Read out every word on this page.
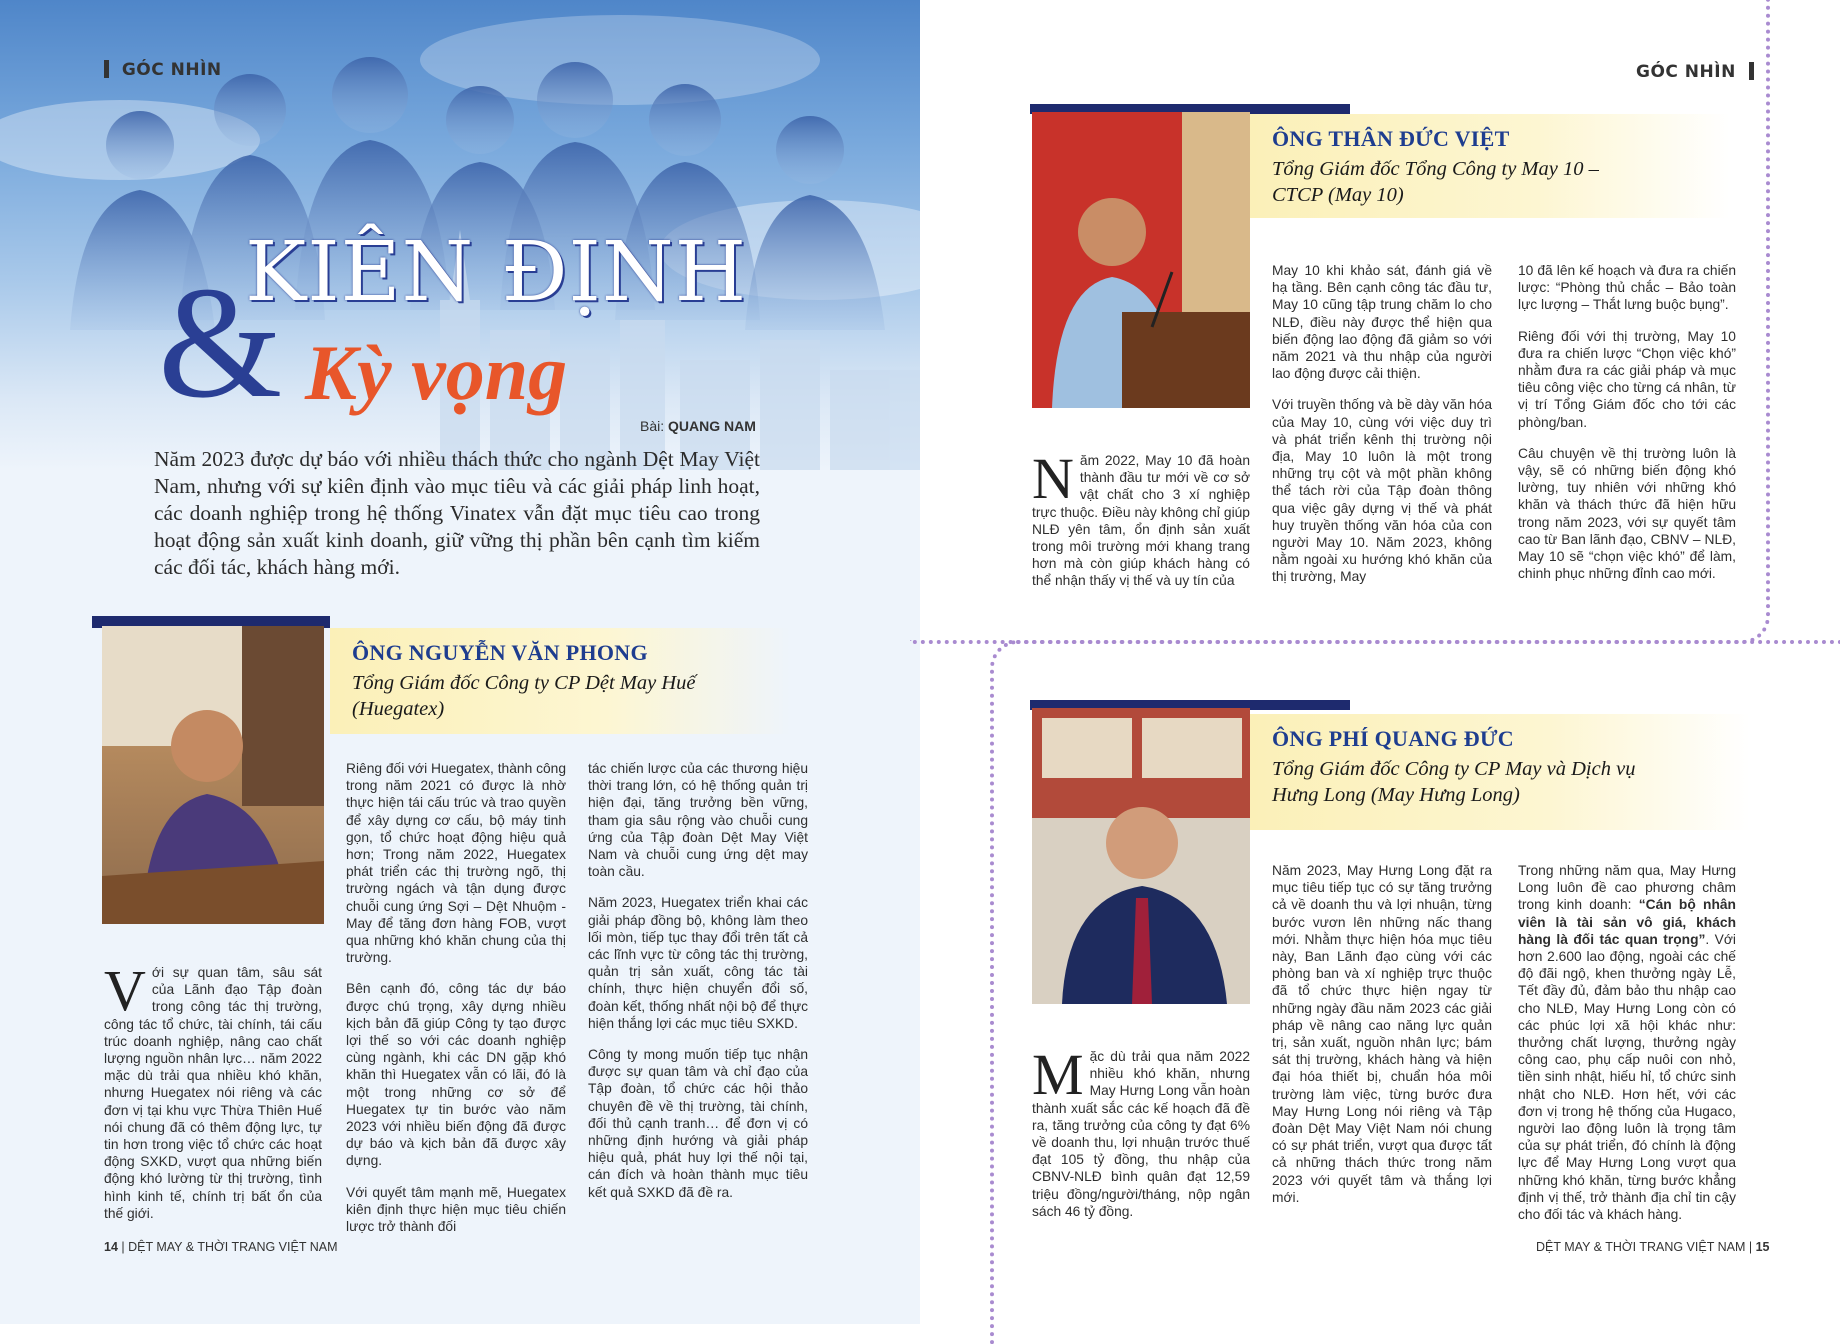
GÓC NHÌN
&
KIÊN ĐỊNH
Kỳ vọng
Bài: QUANG NAM
Năm 2023 được dự báo với nhiều thách thức cho ngành Dệt May Việt Nam, nhưng với sự kiên định vào mục tiêu và các giải pháp linh hoạt, các doanh nghiệp trong hệ thống Vinatex vẫn đặt mục tiêu cao trong hoạt động sản xuất kinh doanh, giữ vững thị phần bên cạnh tìm kiếm các đối tác, khách hàng mới.
ÔNG NGUYỄN VĂN PHONG
Tổng Giám đốc Công ty CP Dệt May Huế
(Huegatex)

Với sự quan tâm, sâu sát của Lãnh đạo Tập đoàn trong công tác thị trường, công tác tổ chức, tài chính, tái cấu trúc doanh nghiệp, nâng cao chất lượng nguồn nhân lực… năm 2022 mặc dù trải qua nhiều khó khăn, nhưng Huegatex nói riêng và các đơn vị tại khu vực Thừa Thiên Huế nói chung đã có thêm động lực, tự tin hơn trong việc tổ chức các hoạt động SXKD, vượt qua những biến động khó lường từ thị trường, tình hình kinh tế, chính trị bất ổn của thế giới.

Riêng đối với Huegatex, thành công trong năm 2021 có được là nhờ thực hiện tái cấu trúc và trao quyền để xây dựng cơ cấu, bộ máy tinh gọn, tổ chức hoạt động hiệu quả hơn; Trong năm 2022, Huegatex phát triển các thị trường ngõ, thị trường ngách và tận dụng được chuỗi cung ứng Sợi – Dệt Nhuộm - May để tăng đơn hàng FOB, vượt qua những khó khăn chung của thị trường.

Bên cạnh đó, công tác dự báo được chú trọng, xây dựng nhiều kịch bản đã giúp Công ty tạo được lợi thế so với các doanh nghiệp cùng ngành, khi các DN gặp khó khăn thì Huegatex vẫn có lãi, đó là một trong những cơ sở để Huegatex tự tin bước vào năm 2023 với nhiều biến động đã được dự báo và kịch bản đã được xây dựng.

Với quyết tâm mạnh mẽ, Huegatex kiên định thực hiện mục tiêu chiến lược trở thành đối

tác chiến lược của các thương hiệu thời trang lớn, có hệ thống quản trị hiện đại, tăng trưởng bền vững, tham gia sâu rộng vào chuỗi cung ứng của Tập đoàn Dệt May Việt Nam và chuỗi cung ứng dệt may toàn cầu.

Năm 2023, Huegatex triển khai các giải pháp đồng bộ, không làm theo lối mòn, tiếp tục thay đổi trên tất cả các lĩnh vực từ công tác thị trường, quản trị sản xuất, công tác tài chính, thực hiện chuyển đổi số, đoàn kết, thống nhất nội bộ để thực hiện thắng lợi các mục tiêu SXKD.

Công ty mong muốn tiếp tục nhận được sự quan tâm và chỉ đạo của Tập đoàn, tổ chức các hội thảo chuyên đề về thị trường, tài chính, đối thủ cạnh tranh… để đơn vị có những định hướng và giải pháp hiệu quả, phát huy lợi thế nội tại, cán đích và hoàn thành mục tiêu kết quả SXKD đã đề ra.

14 | DỆT MAY & THỜI TRANG VIỆT NAM
GÓC NHÌN
ÔNG THÂN ĐỨC VIỆT
Tổng Giám đốc Tổng Công ty May 10 –
CTCP (May 10)

Năm 2022, May 10 đã hoàn thành đầu tư mới về cơ sở vật chất cho 3 xí nghiệp trực thuộc. Điều này không chỉ giúp NLĐ yên tâm, ổn định sản xuất trong môi trường mới khang trang hơn mà còn giúp khách hàng có thể nhận thấy vị thế và uy tín của

May 10 khi khảo sát, đánh giá về hạ tầng. Bên cạnh công tác đầu tư, May 10 cũng tập trung chăm lo cho NLĐ, điều này được thể hiện qua biến động lao động đã giảm so với năm 2021 và thu nhập của người lao động được cải thiện.

Với truyền thống và bề dày văn hóa của May 10, cùng với việc duy trì và phát triển kênh thị trường nội địa, May 10 luôn là một trong những trụ cột và một phần không thể tách rời của Tập đoàn thông qua việc gây dựng vị thế và phát huy truyền thống văn hóa của con người May 10. Năm 2023, không nằm ngoài xu hướng khó khăn của thị trường, May

10 đã lên kế hoạch và đưa ra chiến lược: “Phòng thủ chắc – Bảo toàn lực lượng – Thắt lưng buộc bụng”.

Riêng đối với thị trường, May 10 đưa ra chiến lược “Chọn việc khó” nhằm đưa ra các giải pháp và mục tiêu công việc cho từng cá nhân, từ vị trí Tổng Giám đốc cho tới các phòng/ban.

Câu chuyện về thị trường luôn là vậy, sẽ có những biến động khó lường, tuy nhiên với những khó khăn và thách thức đã hiện hữu trong năm 2023, với sự quyết tâm cao từ Ban lãnh đạo, CBNV – NLĐ, May 10 sẽ “chọn việc khó” để làm, chinh phục những đỉnh cao mới.

ÔNG PHÍ QUANG ĐỨC
Tổng Giám đốc Công ty CP May và Dịch vụ
Hưng Long (May Hưng Long)

Mặc dù trải qua năm 2022 nhiều khó khăn, nhưng May Hưng Long vẫn hoàn thành xuất sắc các kế hoạch đã đề ra, tăng trưởng của công ty đạt 6% về doanh thu, lợi nhuận trước thuế đạt 105 tỷ đồng, thu nhập của CBNV-NLĐ bình quân đạt 12,59 triệu đồng/người/tháng, nộp ngân sách 46 tỷ đồng.

Năm 2023, May Hưng Long đặt ra mục tiêu tiếp tục có sự tăng trưởng cả về doanh thu và lợi nhuận, từng bước vươn lên những nấc thang mới. Nhằm thực hiện hóa mục tiêu này, Ban Lãnh đạo cùng với các phòng ban và xí nghiệp trực thuộc đã tổ chức thực hiện ngay từ những ngày đầu năm 2023 các giải pháp về nâng cao năng lực quản trị, sản xuất, nguồn nhân lực; bám sát thị trường, khách hàng và hiện đại hóa thiết bị, chuẩn hóa môi trường làm việc, từng bước đưa May Hưng Long nói riêng và Tập đoàn Dệt May Việt Nam nói chung có sự phát triển, vượt qua được tất cả những thách thức trong năm 2023 với quyết tâm và thắng lợi mới.

Trong những năm qua, May Hưng Long luôn đề cao phương châm trong kinh doanh: “Cán bộ nhân viên là tài sản vô giá, khách hàng là đối tác quan trọng”. Với hơn 2.600 lao động, ngoài các chế độ đãi ngộ, khen thưởng ngày Lễ, Tết đầy đủ, đảm bảo thu nhập cao cho NLĐ, May Hưng Long còn có các phúc lợi xã hội khác như: thưởng chất lượng, thưởng ngày công cao, phụ cấp nuôi con nhỏ, tiền sinh nhật, hiếu hỉ, tổ chức sinh nhật cho NLĐ. Hơn hết, với các đơn vị trong hệ thống của Hugaco, người lao động luôn là trọng tâm của sự phát triển, đó chính là động lực để May Hưng Long vượt qua những khó khăn, từng bước khẳng định vị thế, trở thành địa chỉ tin cậy cho đối tác và khách hàng.

DỆT MAY & THỜI TRANG VIỆT NAM | 15
